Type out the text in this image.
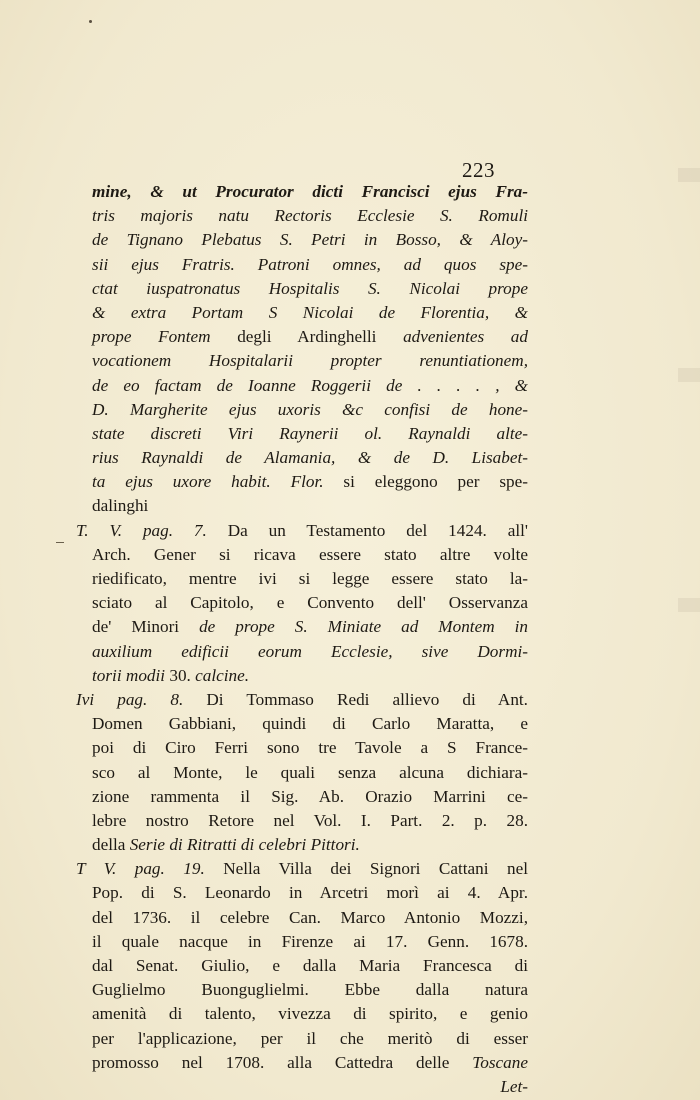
223
mine, & ut Procurator dicti Francisci ejus Fra-
tris majoris natu Rectoris Ecclesie S. Romuli
de Tignano Plebatus S. Petri in Bosso, & Aloy-
sii ejus Fratris. Patroni omnes, ad quos spe-
ctat iuspatronatus Hospitalis S. Nicolai prope
& extra Portam S Nicolai de Florentia, &
prope Fontem degli Ardinghelli advenientes ad
vocationem Hospitalarii propter renuntiationem,
de eo factam de Ioanne Roggerii de . . . . , &
D. Margherite ejus uxoris &c confisi de hone-
state discreti Viri Raynerii ol. Raynaldi alte-
rius Raynaldi de Alamania, & de D. Lisabet-
ta ejus uxore habit. Flor. si eleggono per spe-
dalinghi
T. V. pag. 7. Da un Testamento del 1424. all'
Arch. Gener si ricava essere stato altre volte
riedificato, mentre ivi si legge essere stato la-
sciato al Capitolo, e Convento dell' Osservanza
de' Minori de prope S. Miniate ad Montem in
auxilium edificii eorum Ecclesie, sive Dormi-
torii modii 30. calcine.
Ivi pag. 8. Di Tommaso Redi allievo di Ant.
Domen Gabbiani, quindi di Carlo Maratta, e
poi di Ciro Ferri sono tre Tavole a S France-
sco al Monte, le quali senza alcuna dichiara-
zione rammenta il Sig. Ab. Orazio Marrini ce-
lebre nostro Retore nel Vol. I. Part. 2. p. 28.
della Serie di Ritratti di celebri Pittori.
T V. pag. 19. Nella Villa dei Signori Cattani nel
Pop. di S. Leonardo in Arcetri morì ai 4. Apr.
del 1736. il celebre Can. Marco Antonio Mozzi,
il quale nacque in Firenze ai 17. Genn. 1678.
dal Senat. Giulio, e dalla Maria Francesca di
Guglielmo Buonguglielmi. Ebbe dalla natura
amenità di talento, vivezza di spirito, e genio
per l'applicazione, per il che meritò di esser
promosso nel 1708. alla Cattedra delle Toscane
Let-
